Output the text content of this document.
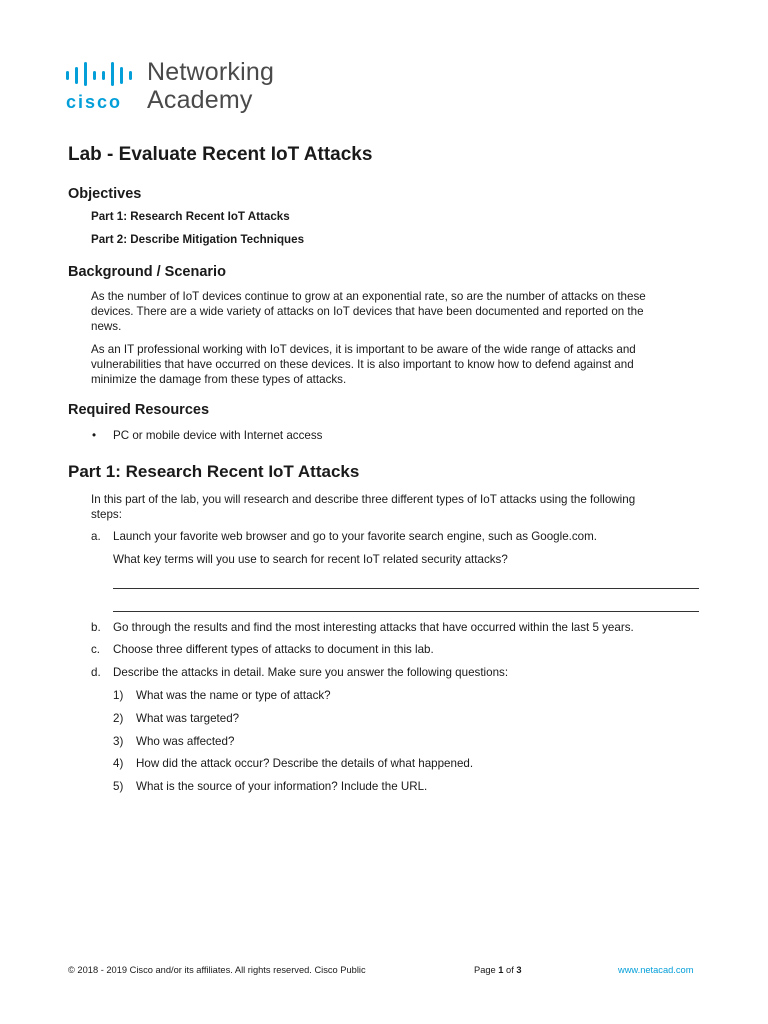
cisco
Networking
Academy
Lab - Evaluate Recent IoT Attacks
Objectives
Part 1: Research Recent IoT Attacks
Part 2: Describe Mitigation Techniques
Background / Scenario
As the number of IoT devices continue to grow at an exponential rate, so are the number of attacks on these
devices. There are a wide variety of attacks on IoT devices that have been documented and reported on the
news.
As an IT professional working with IoT devices, it is important to be aware of the wide range of attacks and
vulnerabilities that have occurred on these devices. It is also important to know how to defend against and
minimize the damage from these types of attacks.
Required Resources
• PC or mobile device with Internet access
Part 1: Research Recent IoT Attacks
In this part of the lab, you will research and describe three different types of IoT attacks using the following
steps:
a. Launch your favorite web browser and go to your favorite search engine, such as Google.com.
What key terms will you use to search for recent IoT related security attacks?
b. Go through the results and find the most interesting attacks that have occurred within the last 5 years.
c. Choose three different types of attacks to document in this lab.
d. Describe the attacks in detail. Make sure you answer the following questions:
1) What was the name or type of attack?
2) What was targeted?
3) Who was affected?
4) How did the attack occur? Describe the details of what happened.
5) What is the source of your information? Include the URL.
© 2018 - 2019 Cisco and/or its affiliates. All rights reserved. Cisco Public	Page 1 of 3	www.netacad.com
